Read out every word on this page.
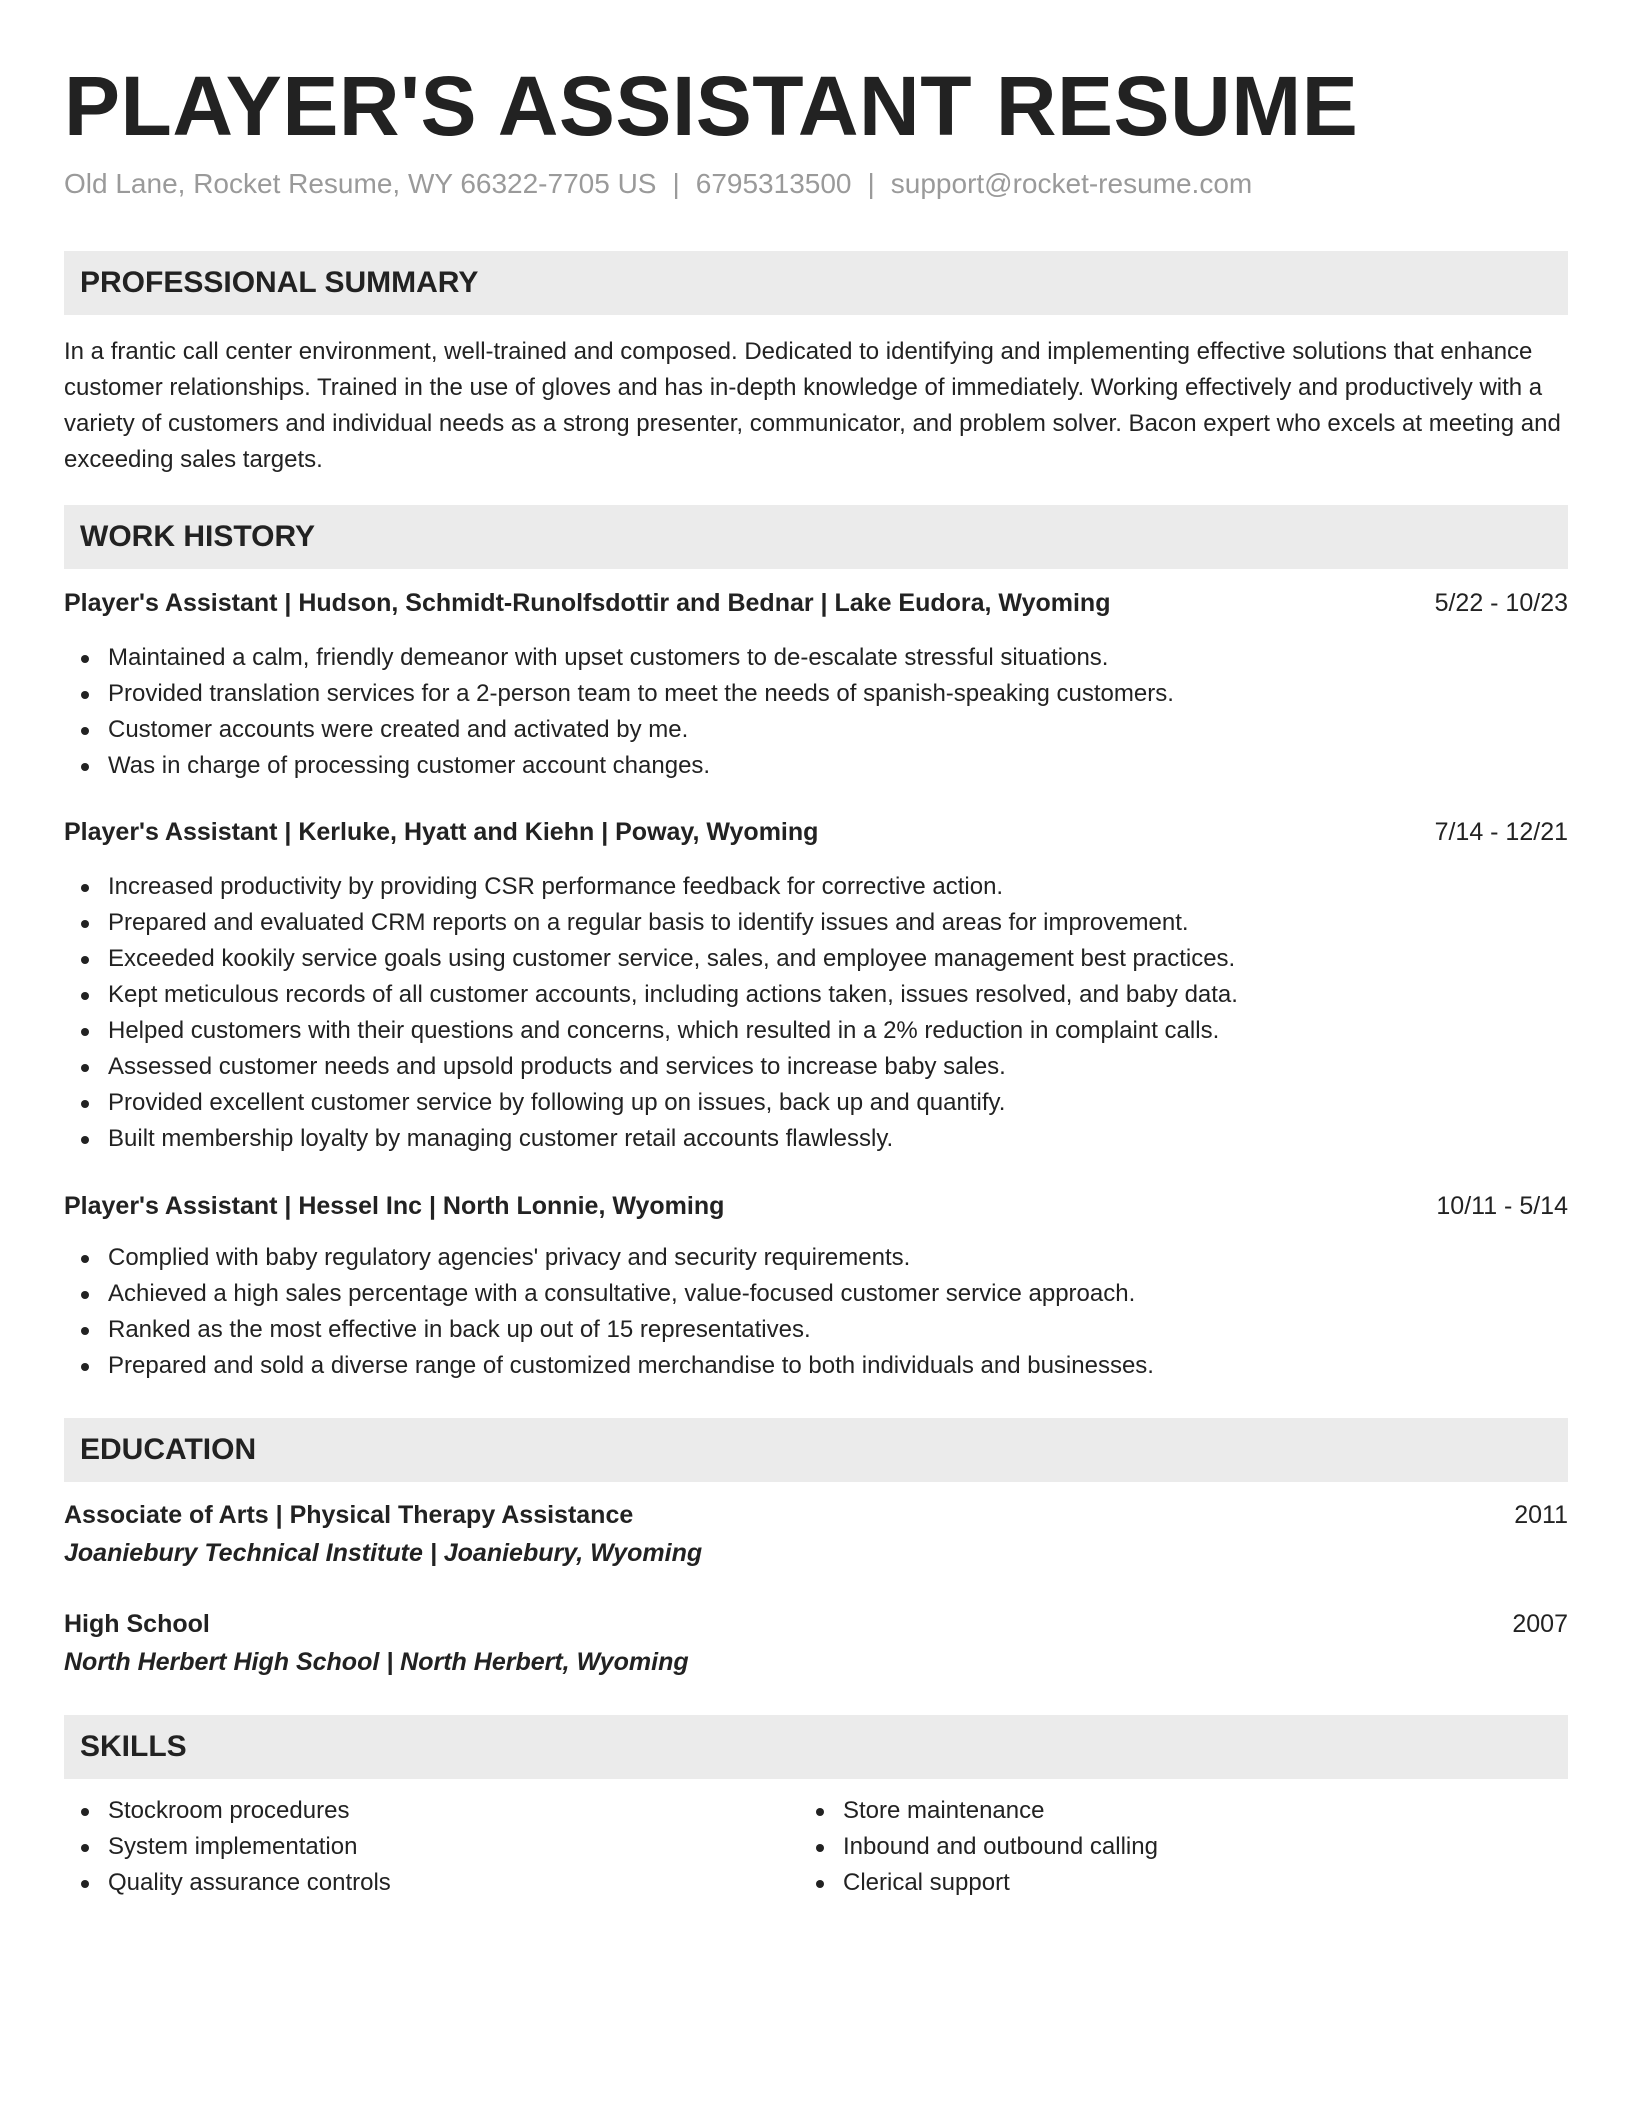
PLAYER'S ASSISTANT RESUME
Old Lane, Rocket Resume, WY 66322-7705 US | 6795313500 | support@rocket-resume.com
PROFESSIONAL SUMMARY

In a frantic call center environment, well-trained and composed. Dedicated to identifying and implementing effective solutions that enhance customer relationships. Trained in the use of gloves and has in-depth knowledge of immediately. Working effectively and productively with a variety of customers and individual needs as a strong presenter, communicator, and problem solver. Bacon expert who excels at meeting and exceeding sales targets.

WORK HISTORY
Player's Assistant | Hudson, Schmidt-Runolfsdottir and Bednar | Lake Eudora, Wyoming	5/22 - 10/23
Maintained a calm, friendly demeanor with upset customers to de-escalate stressful situations.
Provided translation services for a 2-person team to meet the needs of spanish-speaking customers.
Customer accounts were created and activated by me.
Was in charge of processing customer account changes.
Player's Assistant | Kerluke, Hyatt and Kiehn | Poway, Wyoming	7/14 - 12/21
Increased productivity by providing CSR performance feedback for corrective action.
Prepared and evaluated CRM reports on a regular basis to identify issues and areas for improvement.
Exceeded kookily service goals using customer service, sales, and employee management best practices.
Kept meticulous records of all customer accounts, including actions taken, issues resolved, and baby data.
Helped customers with their questions and concerns, which resulted in a 2% reduction in complaint calls.
Assessed customer needs and upsold products and services to increase baby sales.
Provided excellent customer service by following up on issues, back up and quantify.
Built membership loyalty by managing customer retail accounts flawlessly.
Player's Assistant | Hessel Inc | North Lonnie, Wyoming	10/11 - 5/14
Complied with baby regulatory agencies' privacy and security requirements.
Achieved a high sales percentage with a consultative, value-focused customer service approach.
Ranked as the most effective in back up out of 15 representatives.
Prepared and sold a diverse range of customized merchandise to both individuals and businesses.
EDUCATION
Associate of Arts | Physical Therapy Assistance	2011
Joaniebury Technical Institute | Joaniebury, Wyoming
High School	2007
North Herbert High School | North Herbert, Wyoming
SKILLS
Stockroom procedures
System implementation
Quality assurance controls
Store maintenance
Inbound and outbound calling
Clerical support
